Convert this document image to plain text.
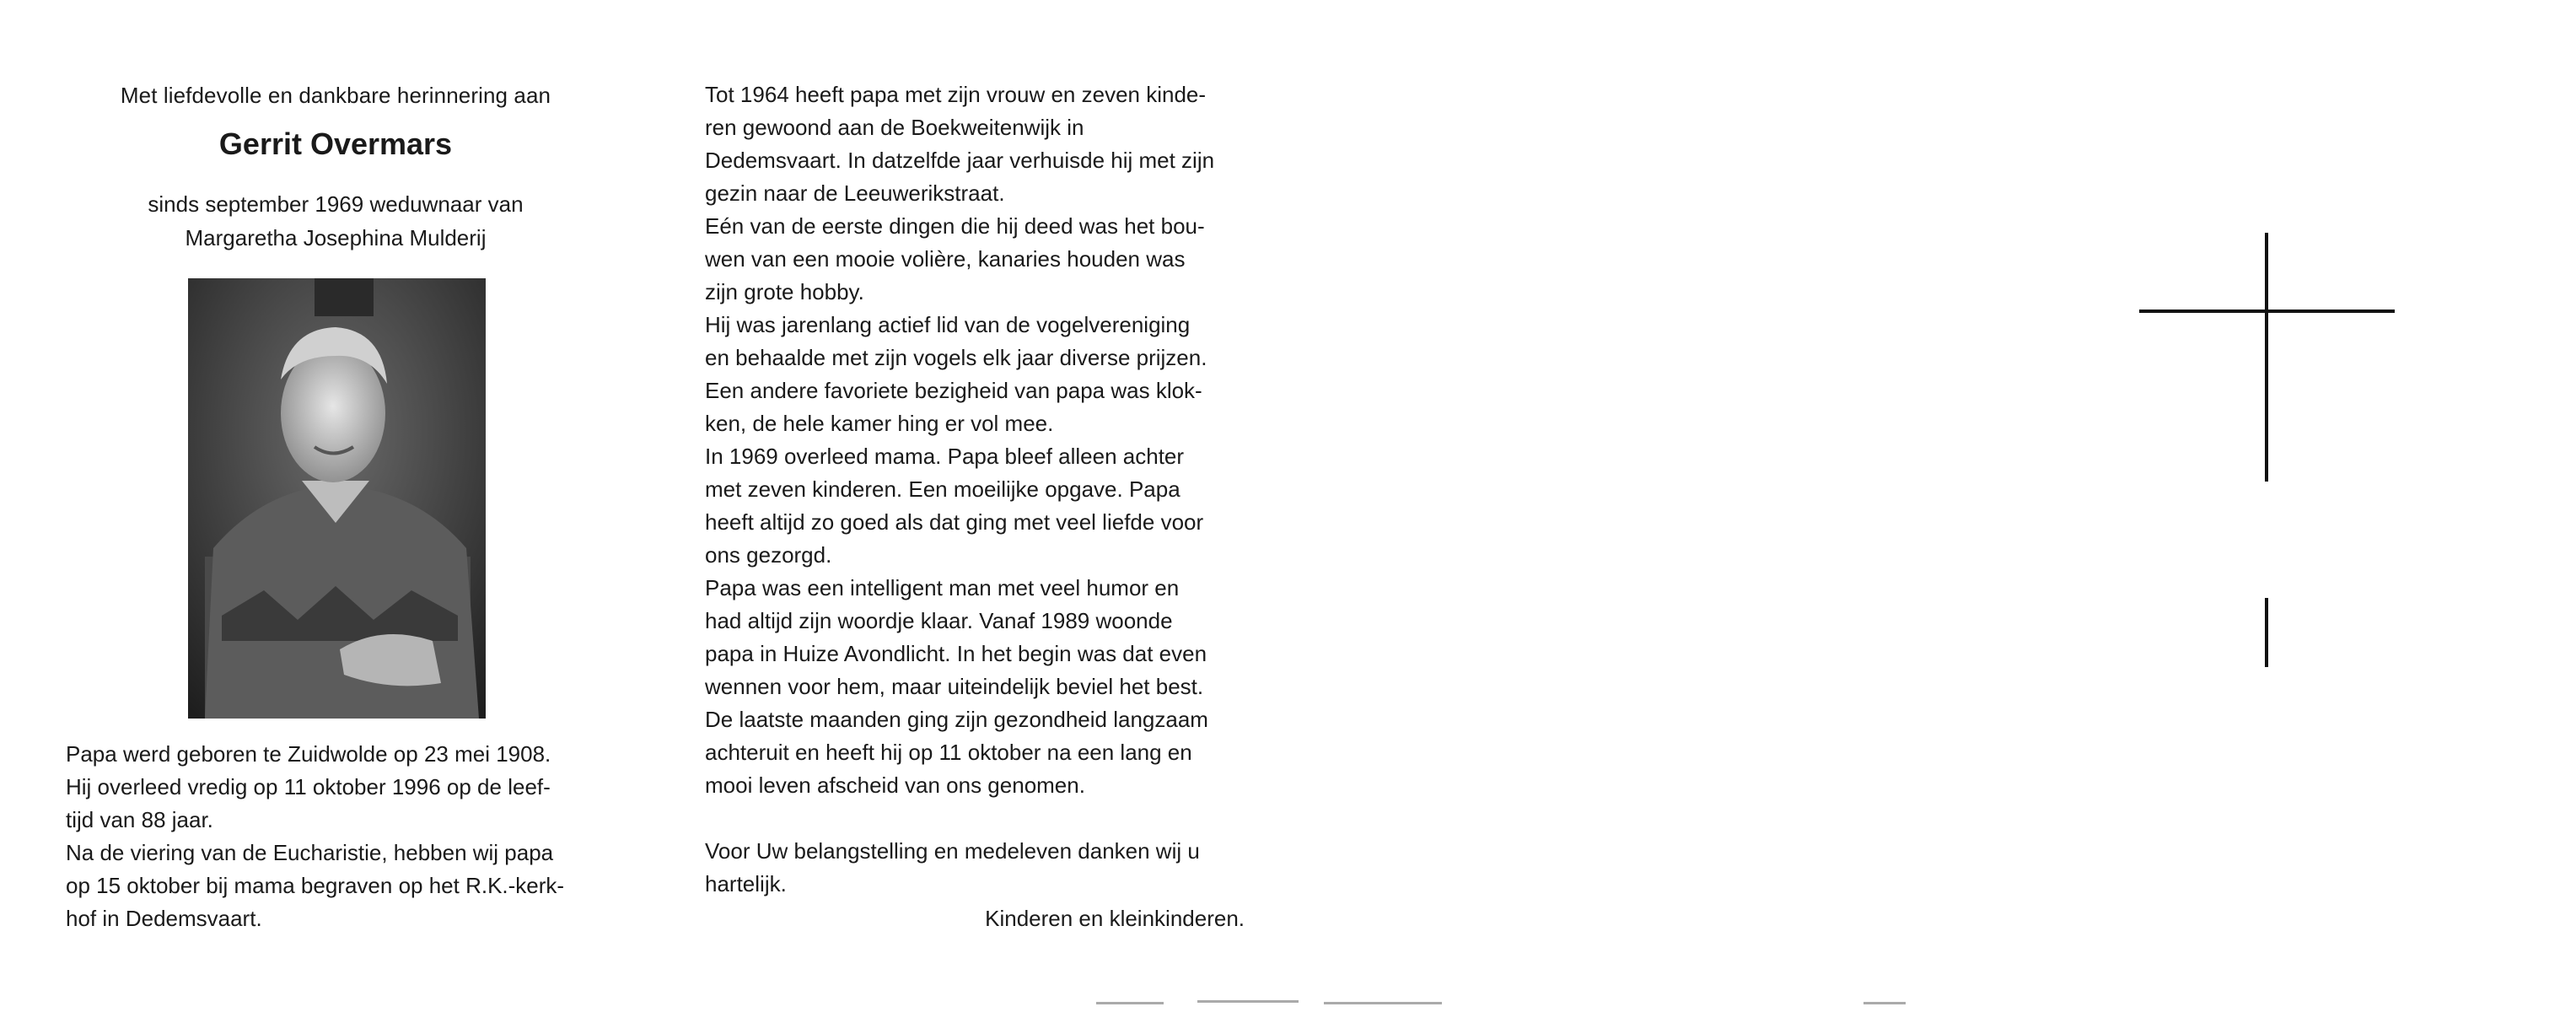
Met liefdevolle en dankbare herinnering aan
Gerrit Overmars
sinds september 1969 weduwnaar van
Margaretha Josephina Mulderij
Papa werd geboren te Zuidwolde op 23 mei 1908.
Hij overleed vredig op 11 oktober 1996 op de leef-
tijd van 88 jaar.
Na de viering van de Eucharistie, hebben wij papa
op 15 oktober bij mama begraven op het R.K.-kerk-
hof in Dedemsvaart.
Tot 1964 heeft papa met zijn vrouw en zeven kinde-
ren gewoond aan de Boekweitenwijk in
Dedemsvaart. In datzelfde jaar verhuisde hij met zijn
gezin naar de Leeuwerikstraat.
Eén van de eerste dingen die hij deed was het bou-
wen van een mooie volière, kanaries houden was
zijn grote hobby.
Hij was jarenlang actief lid van de vogelvereniging
en behaalde met zijn vogels elk jaar diverse prijzen.
Een andere favoriete bezigheid van papa was klok-
ken, de hele kamer hing er vol mee.
In 1969 overleed mama. Papa bleef alleen achter
met zeven kinderen. Een moeilijke opgave. Papa
heeft altijd zo goed als dat ging met veel liefde voor
ons gezorgd.
Papa was een intelligent man met veel humor en
had altijd zijn woordje klaar. Vanaf 1989 woonde
papa in Huize Avondlicht. In het begin was dat even
wennen voor hem, maar uiteindelijk beviel het best.
De laatste maanden ging zijn gezondheid langzaam
achteruit en heeft hij op 11 oktober na een lang en
mooi leven afscheid van ons genomen.
Voor Uw belangstelling en medeleven danken wij u
hartelijk.
Kinderen en kleinkinderen.
